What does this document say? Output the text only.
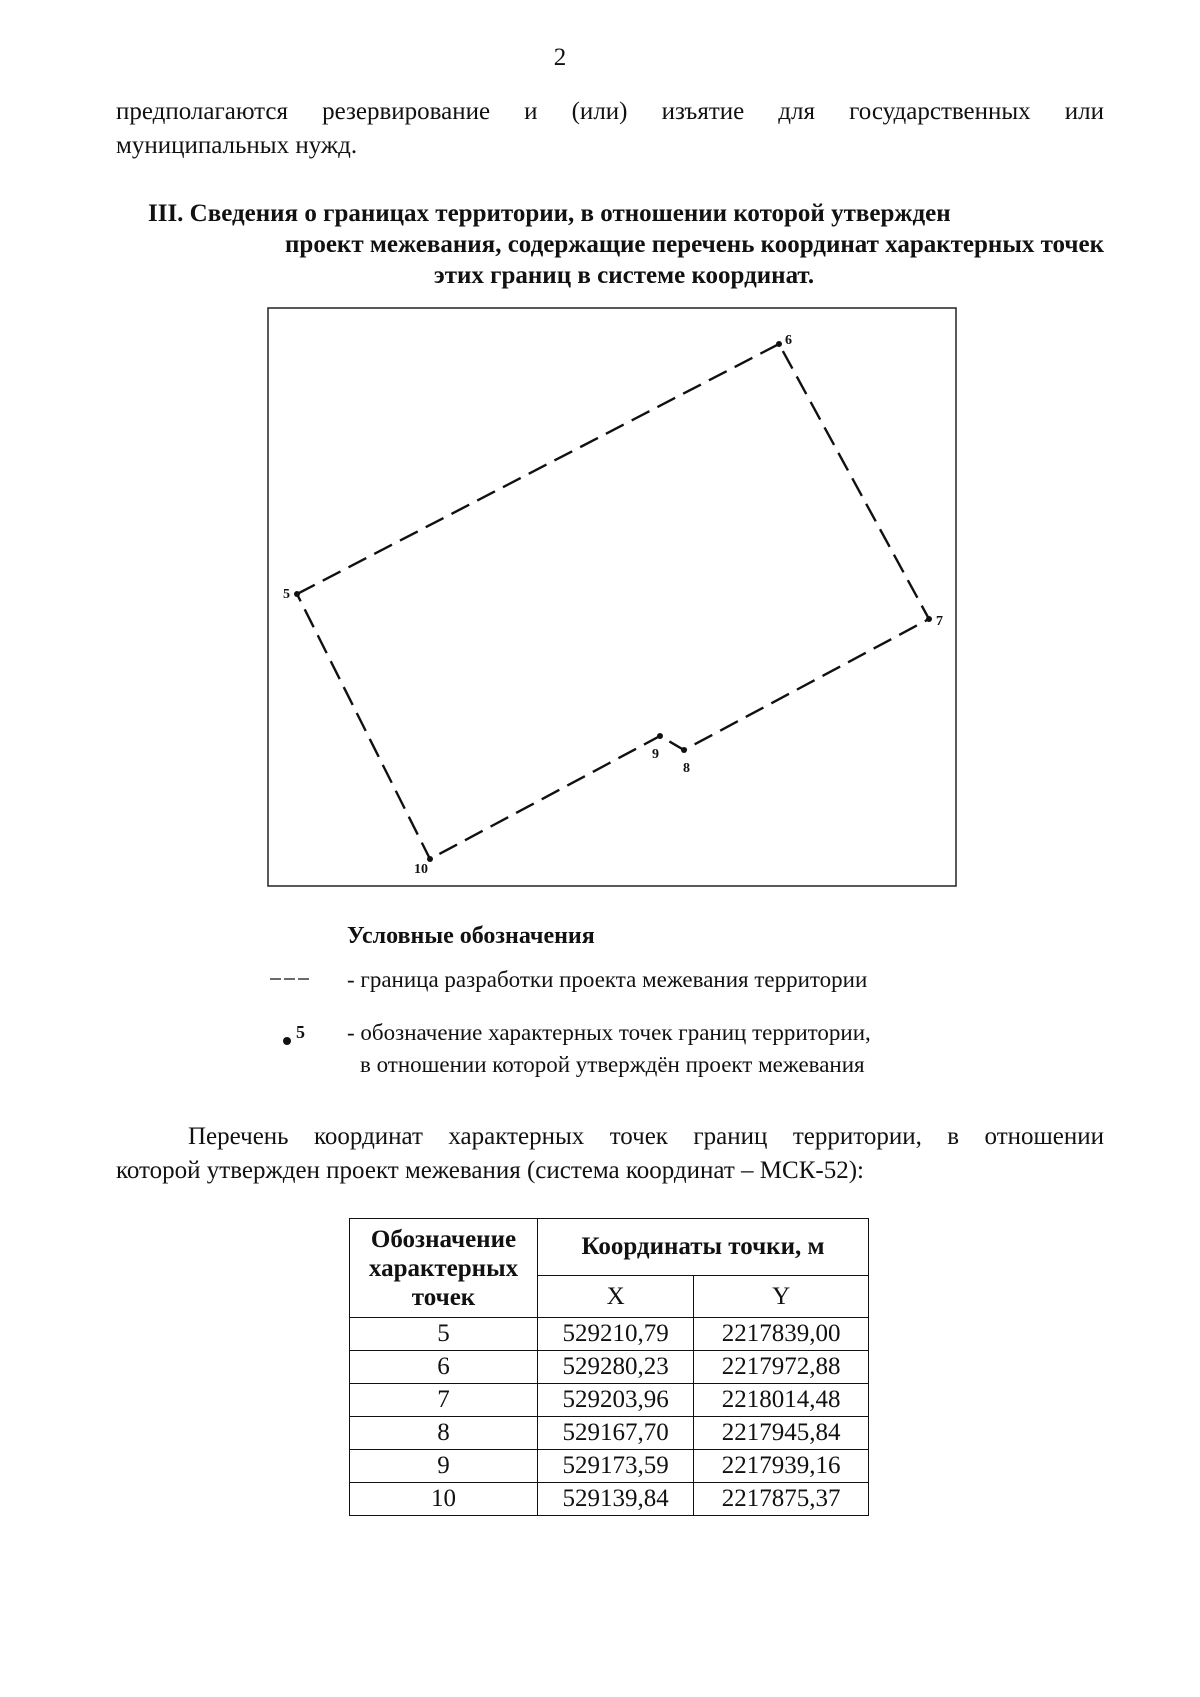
2
предполагаются резервирование и (или) изъятие для государственных или
муниципальных нужд.
III. Сведения о границах территории, в отношении которой утвержден
проект межевания, содержащие перечень координат характерных точек
этих границ в системе координат.
5
6
7
8
9
10
Условные обозначения
- граница разработки проекта межевания территории
5 - обозначение характерных точек границ территории,
в отношении которой утверждён проект межевания
Перечень координат характерных точек границ территории, в отношении
которой утвержден проект межевания (система координат – МСК-52):
Обозначение
характерных
точек	Координаты точки, м	
	X	Y
5	529210,79	2217839,00
6	529280,23	2217972,88
7	529203,96	2218014,48
8	529167,70	2217945,84
9	529173,59	2217939,16
10	529139,84	2217875,37
